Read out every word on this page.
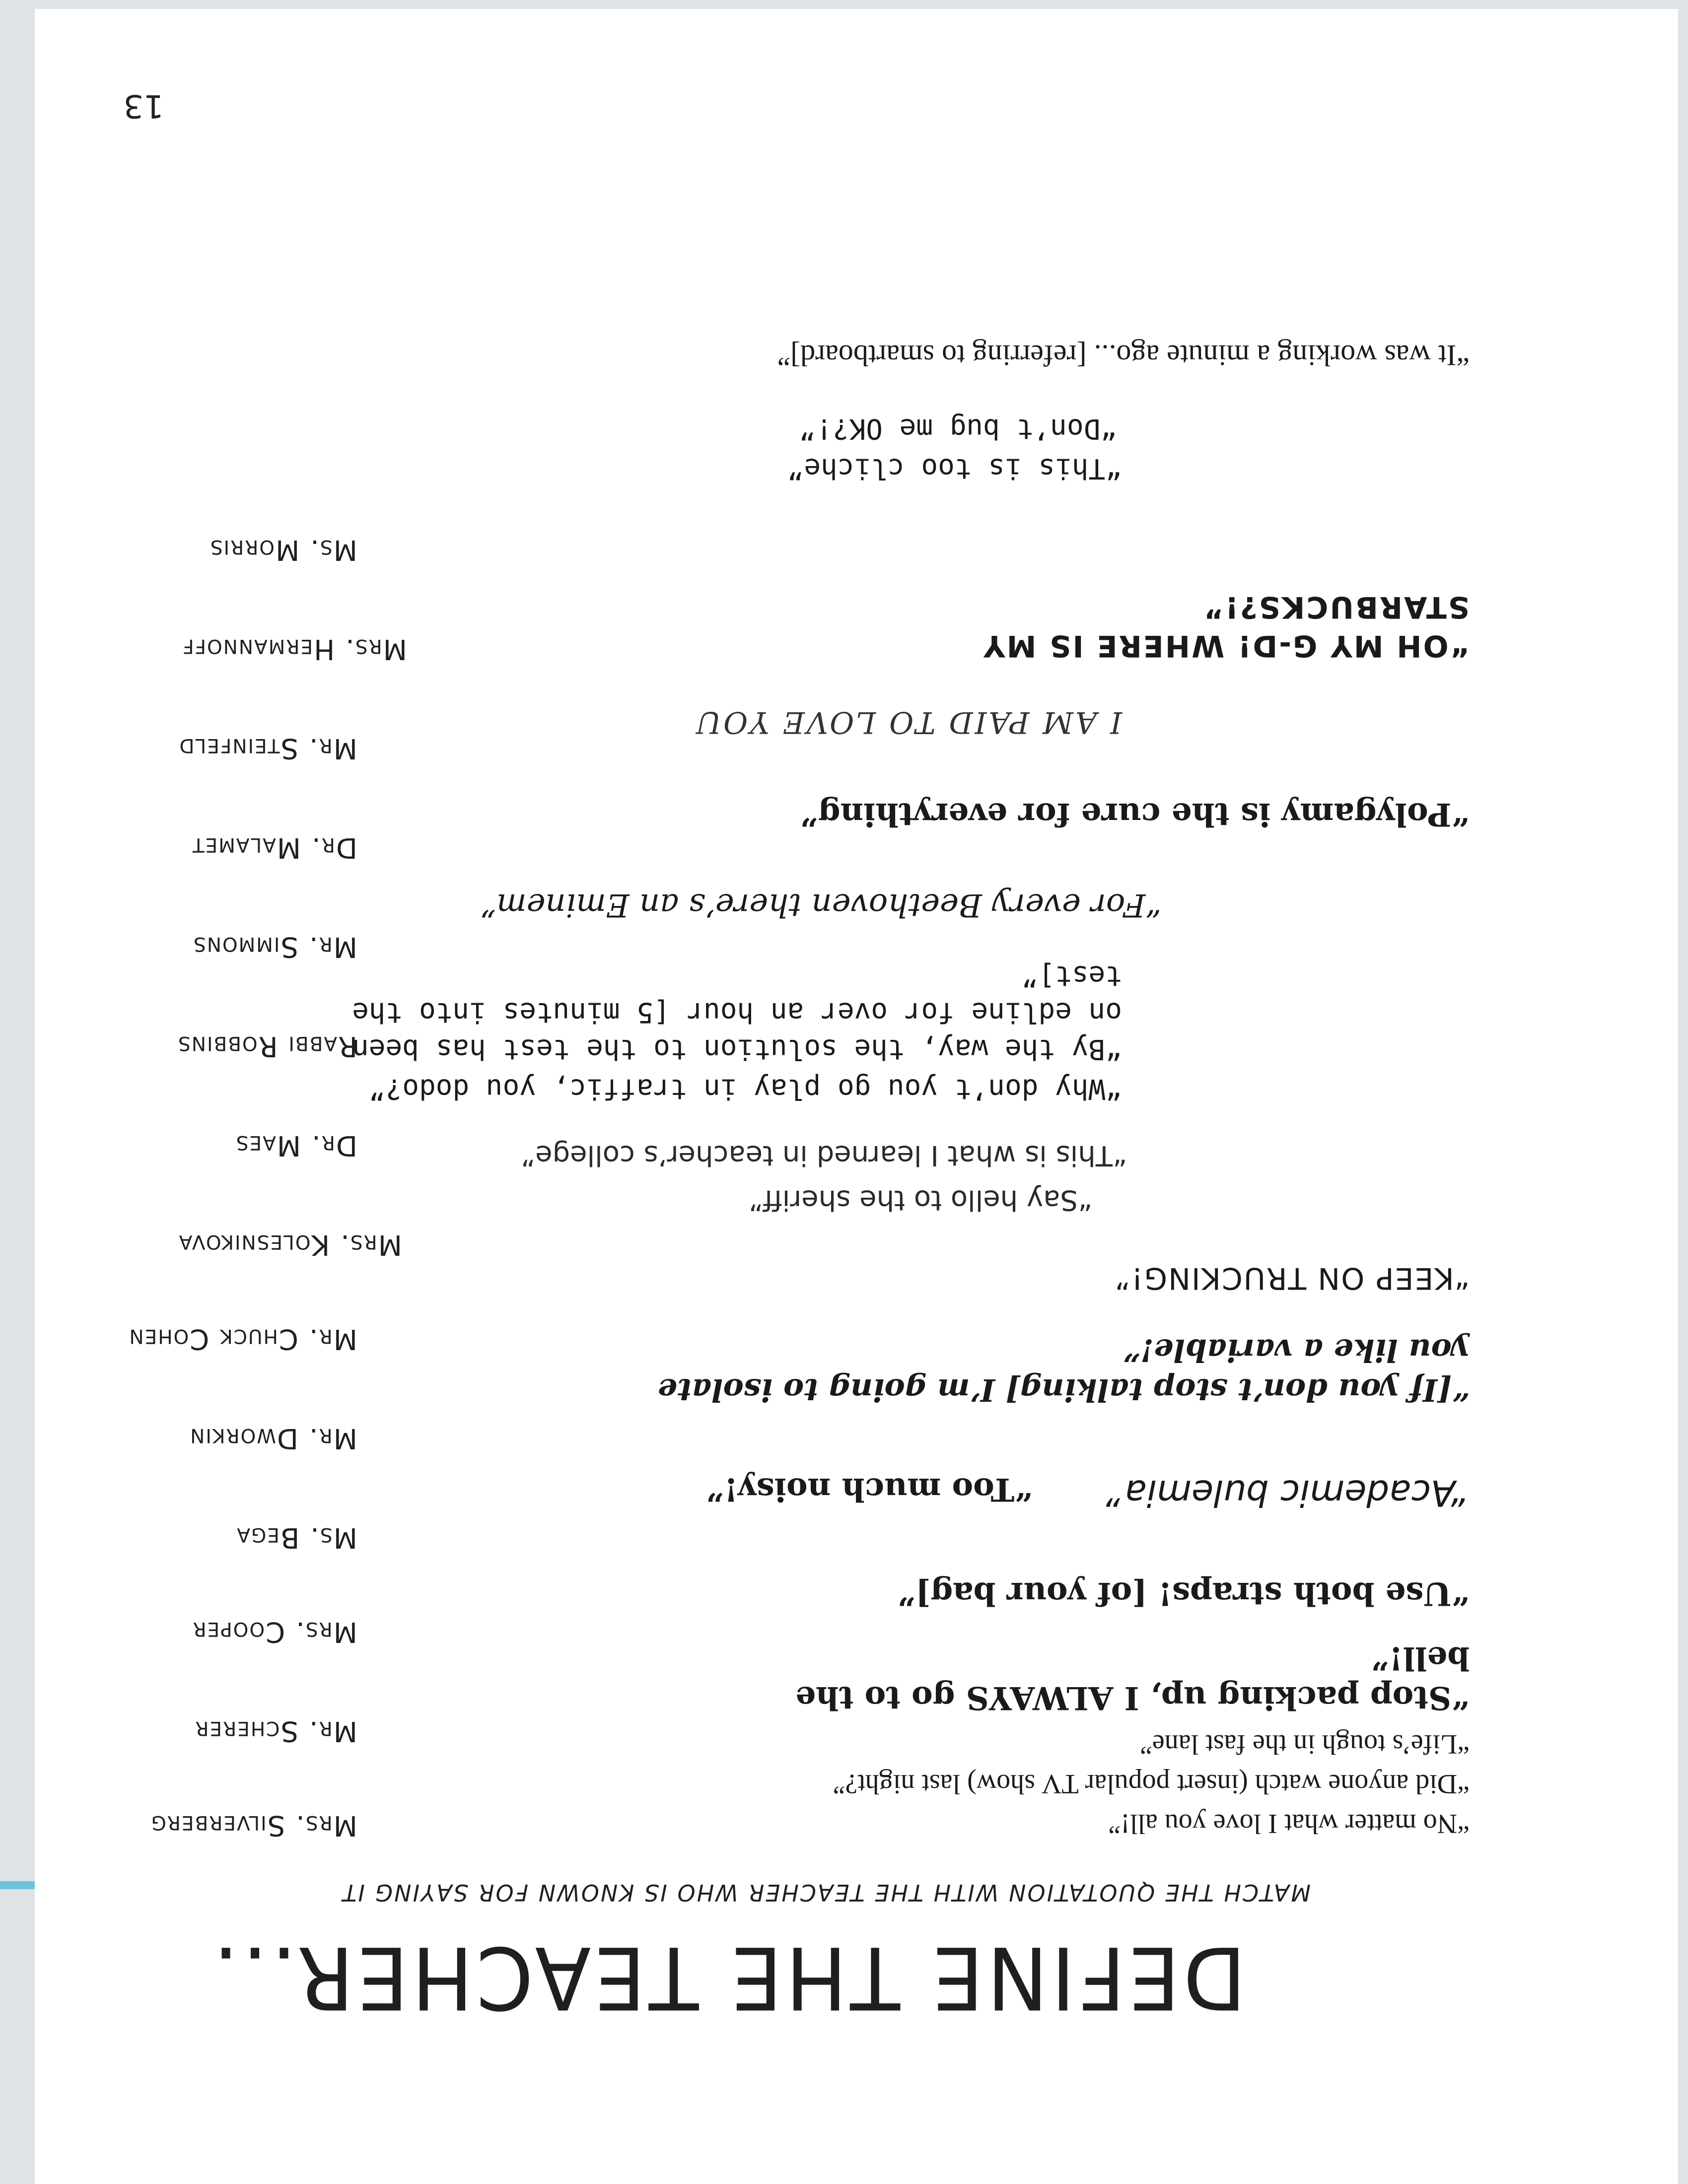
DEFINE THE TEACHER...
MATCH THE QUOTATION WITH THE TEACHER WHO IS KNOWN FOR SAYING IT
“No matter what I love you all!”
“Did anyone watch (insert popular TV show) last night?”
“Life’s tough in the fast lane”
“Stop packing up, I ALWAYS go to the
bell!”
“Use both straps! [of your bag]”
“Academic bulemia”
“Too much noisy!”
“[If you don’t stop talking] I’m going to isolate
you like a variable!”
“KEEP ON TRUCKING!”
“Say hello to the sheriff”
“This is what I learned in teacher’s college”
“Why don’t you go play in traffic, you dodo?”
“By the way, the solution to the test has been
on edline for over an hour [5 minutes into the
test]”
“For every Beethoven there’s an Eminem”
“Polygamy is the cure for everything”
I AM PAID TO LOVE YOU
“OH MY G-D! WHERE IS MY
STARBUCKS?!”
“This is too cliche”
“Don’t bug me OK?!”
“It was working a minute ago... [referring to smartboard]”
Mrs. Silverberg
Mr. Scherer
Mrs. Cooper
Ms. Bega
Mr. Dworkin
Mr. Chuck Cohen
Mrs. Kolesnikova
Dr. Maes
Rabbi Robbins
Mr. Simmons
Dr. Malamet
Mr. Steinfeld
Mrs. Hermannoff
Ms. Morris
13
